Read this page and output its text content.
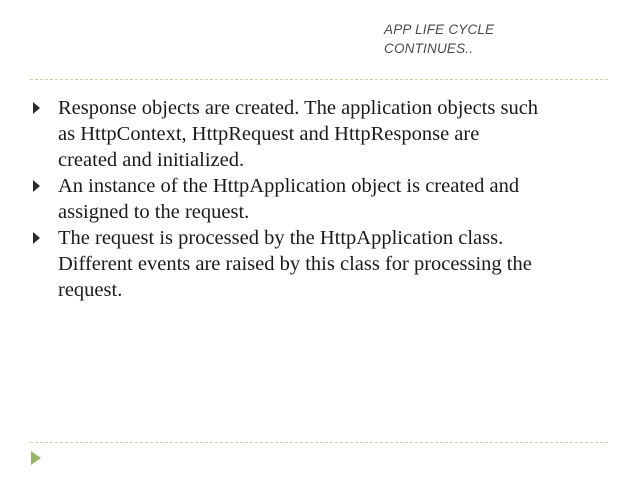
APP LIFE CYCLE
CONTINUES..
Response objects are created. The application objects such
as HttpContext, HttpRequest and HttpResponse are
created and initialized.
An instance of the HttpApplication object is created and
assigned to the request.
The request is processed by the HttpApplication class.
Different events are raised by this class for processing the
request.
